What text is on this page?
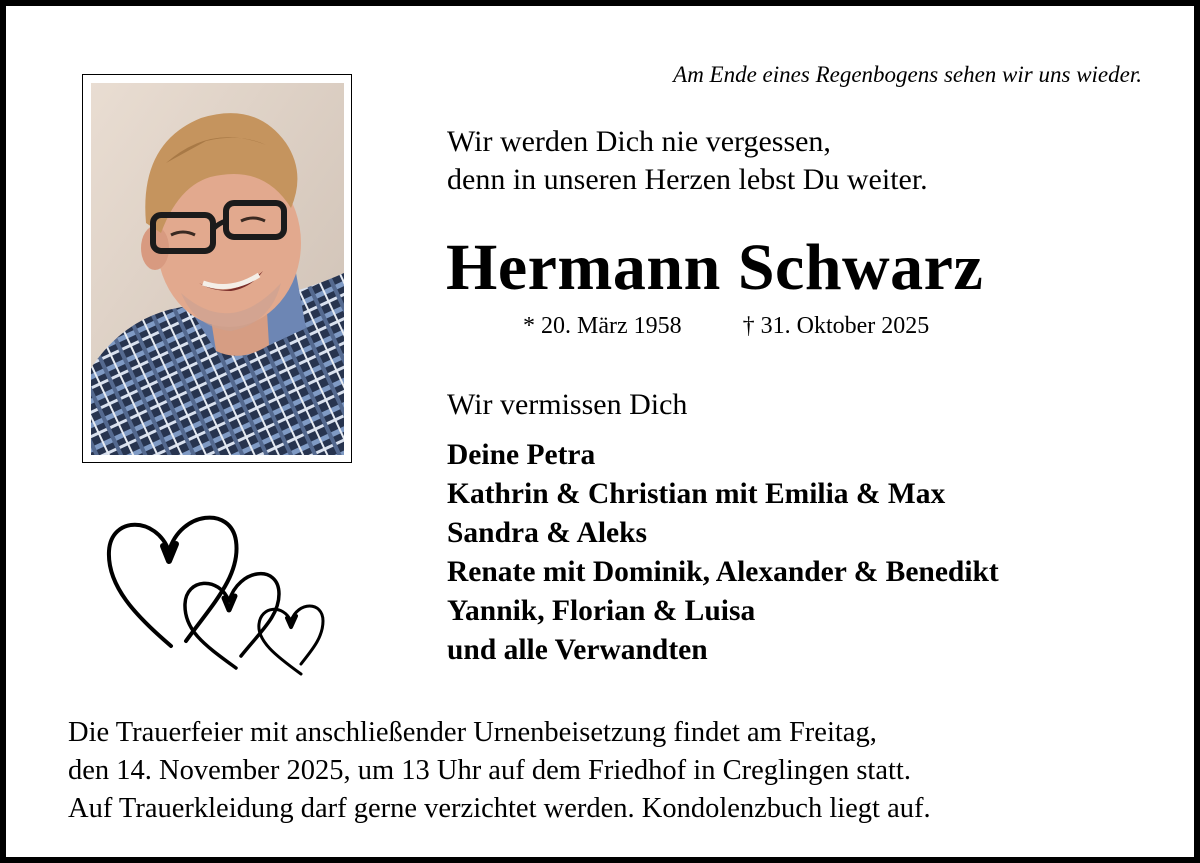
Am Ende eines Regenbogens sehen wir uns wieder.
Wir werden Dich nie vergessen,
denn in unseren Herzen lebst Du weiter.
Hermann Schwarz
* 20. März 1958	† 31. Oktober 2025
Wir vermissen Dich
Deine Petra
Kathrin & Christian mit Emilia & Max
Sandra & Aleks
Renate mit Dominik, Alexander & Benedikt
Yannik, Florian & Luisa
und alle Verwandten
Die Trauerfeier mit anschließender Urnenbeisetzung findet am Freitag,
den 14. November 2025, um 13 Uhr auf dem Friedhof in Creglingen statt.
Auf Trauerkleidung darf gerne verzichtet werden. Kondolenzbuch liegt auf.
